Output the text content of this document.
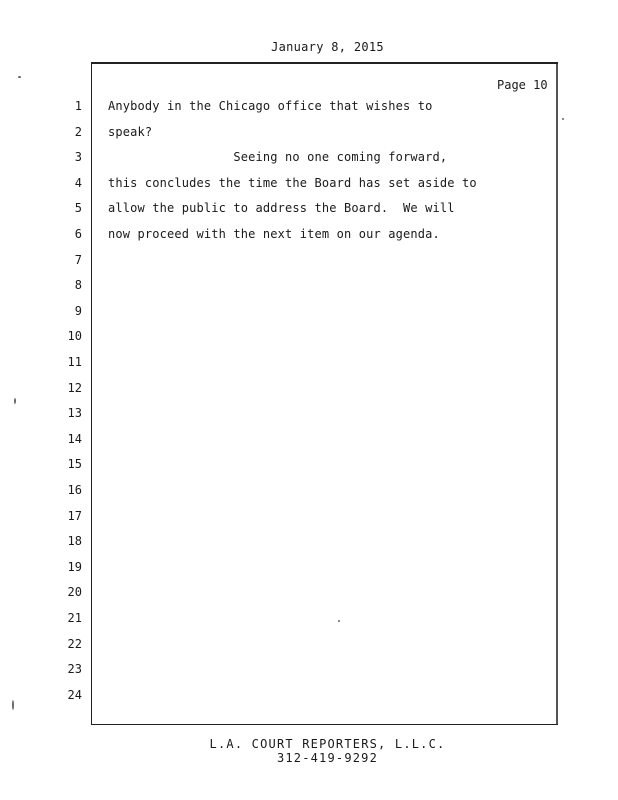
January 8, 2015
Page 10
1 Anybody in the Chicago office that wishes to
2 speak?
3 Seeing no one coming forward,
4 this concludes the time the Board has set aside to
5 allow the public to address the Board.  We will
6 now proceed with the next item on our agenda.
7
8
9
10
11
12
13
14
15
16
17
18
19
20
21
22
23
24
L.A. COURT REPORTERS, L.L.C.
312-419-9292
